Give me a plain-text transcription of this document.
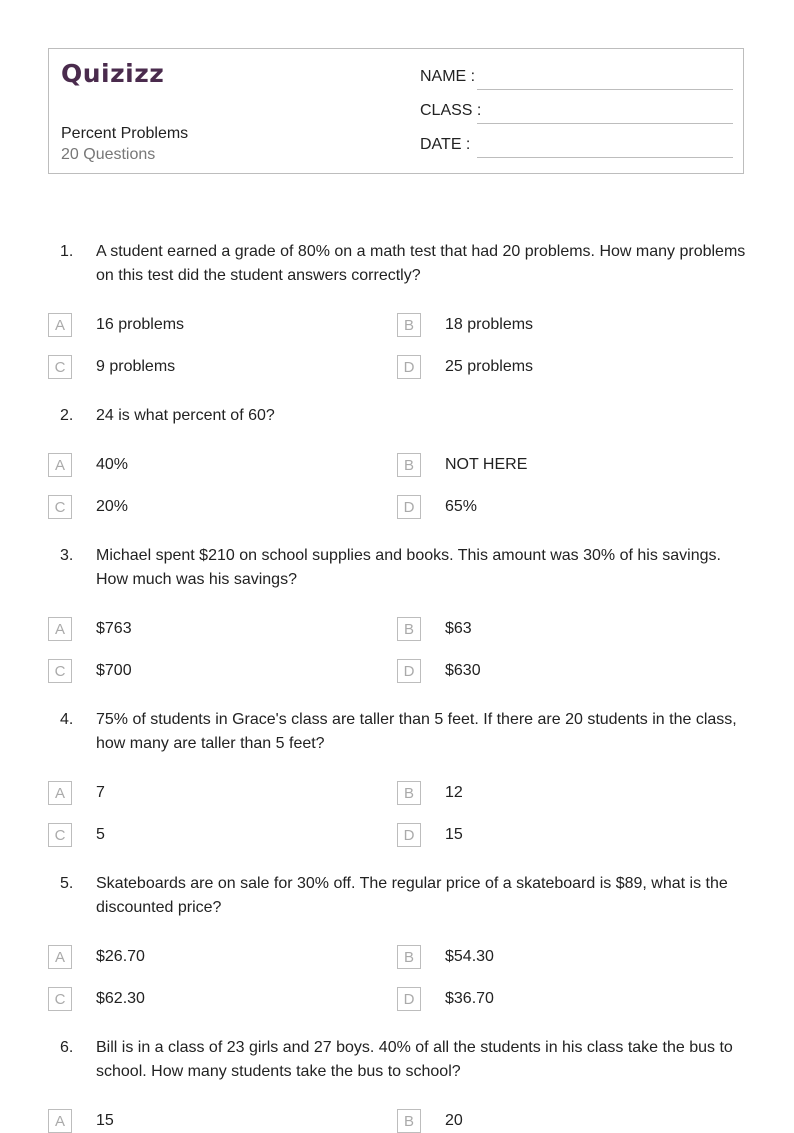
Quizizz
Percent Problems
20 Questions
NAME :
CLASS :
DATE :
1. A student earned a grade of 80% on a math test that had 20 problems. How many problems on this test did the student answers correctly?
A	16 problems	B	18 problems
C	9 problems	D	25 problems
2. 24 is what percent of 60?
A	40%	B	NOT HERE
C	20%	D	65%
3. Michael spent $210 on school supplies and books. This amount was 30% of his savings. How much was his savings?
A	$763	B	$63
C	$700	D	$630
4. 75% of students in Grace's class are taller than 5 feet. If there are 20 students in the class, how many are taller than 5 feet?
A	7	B	12
C	5	D	15
5. Skateboards are on sale for 30% off. The regular price of a skateboard is $89, what is the discounted price?
A	$26.70	B	$54.30
C	$62.30	D	$36.70
6. Bill is in a class of 23 girls and 27 boys. 40% of all the students in his class take the bus to school. How many students take the bus to school?
A	15	B	20
